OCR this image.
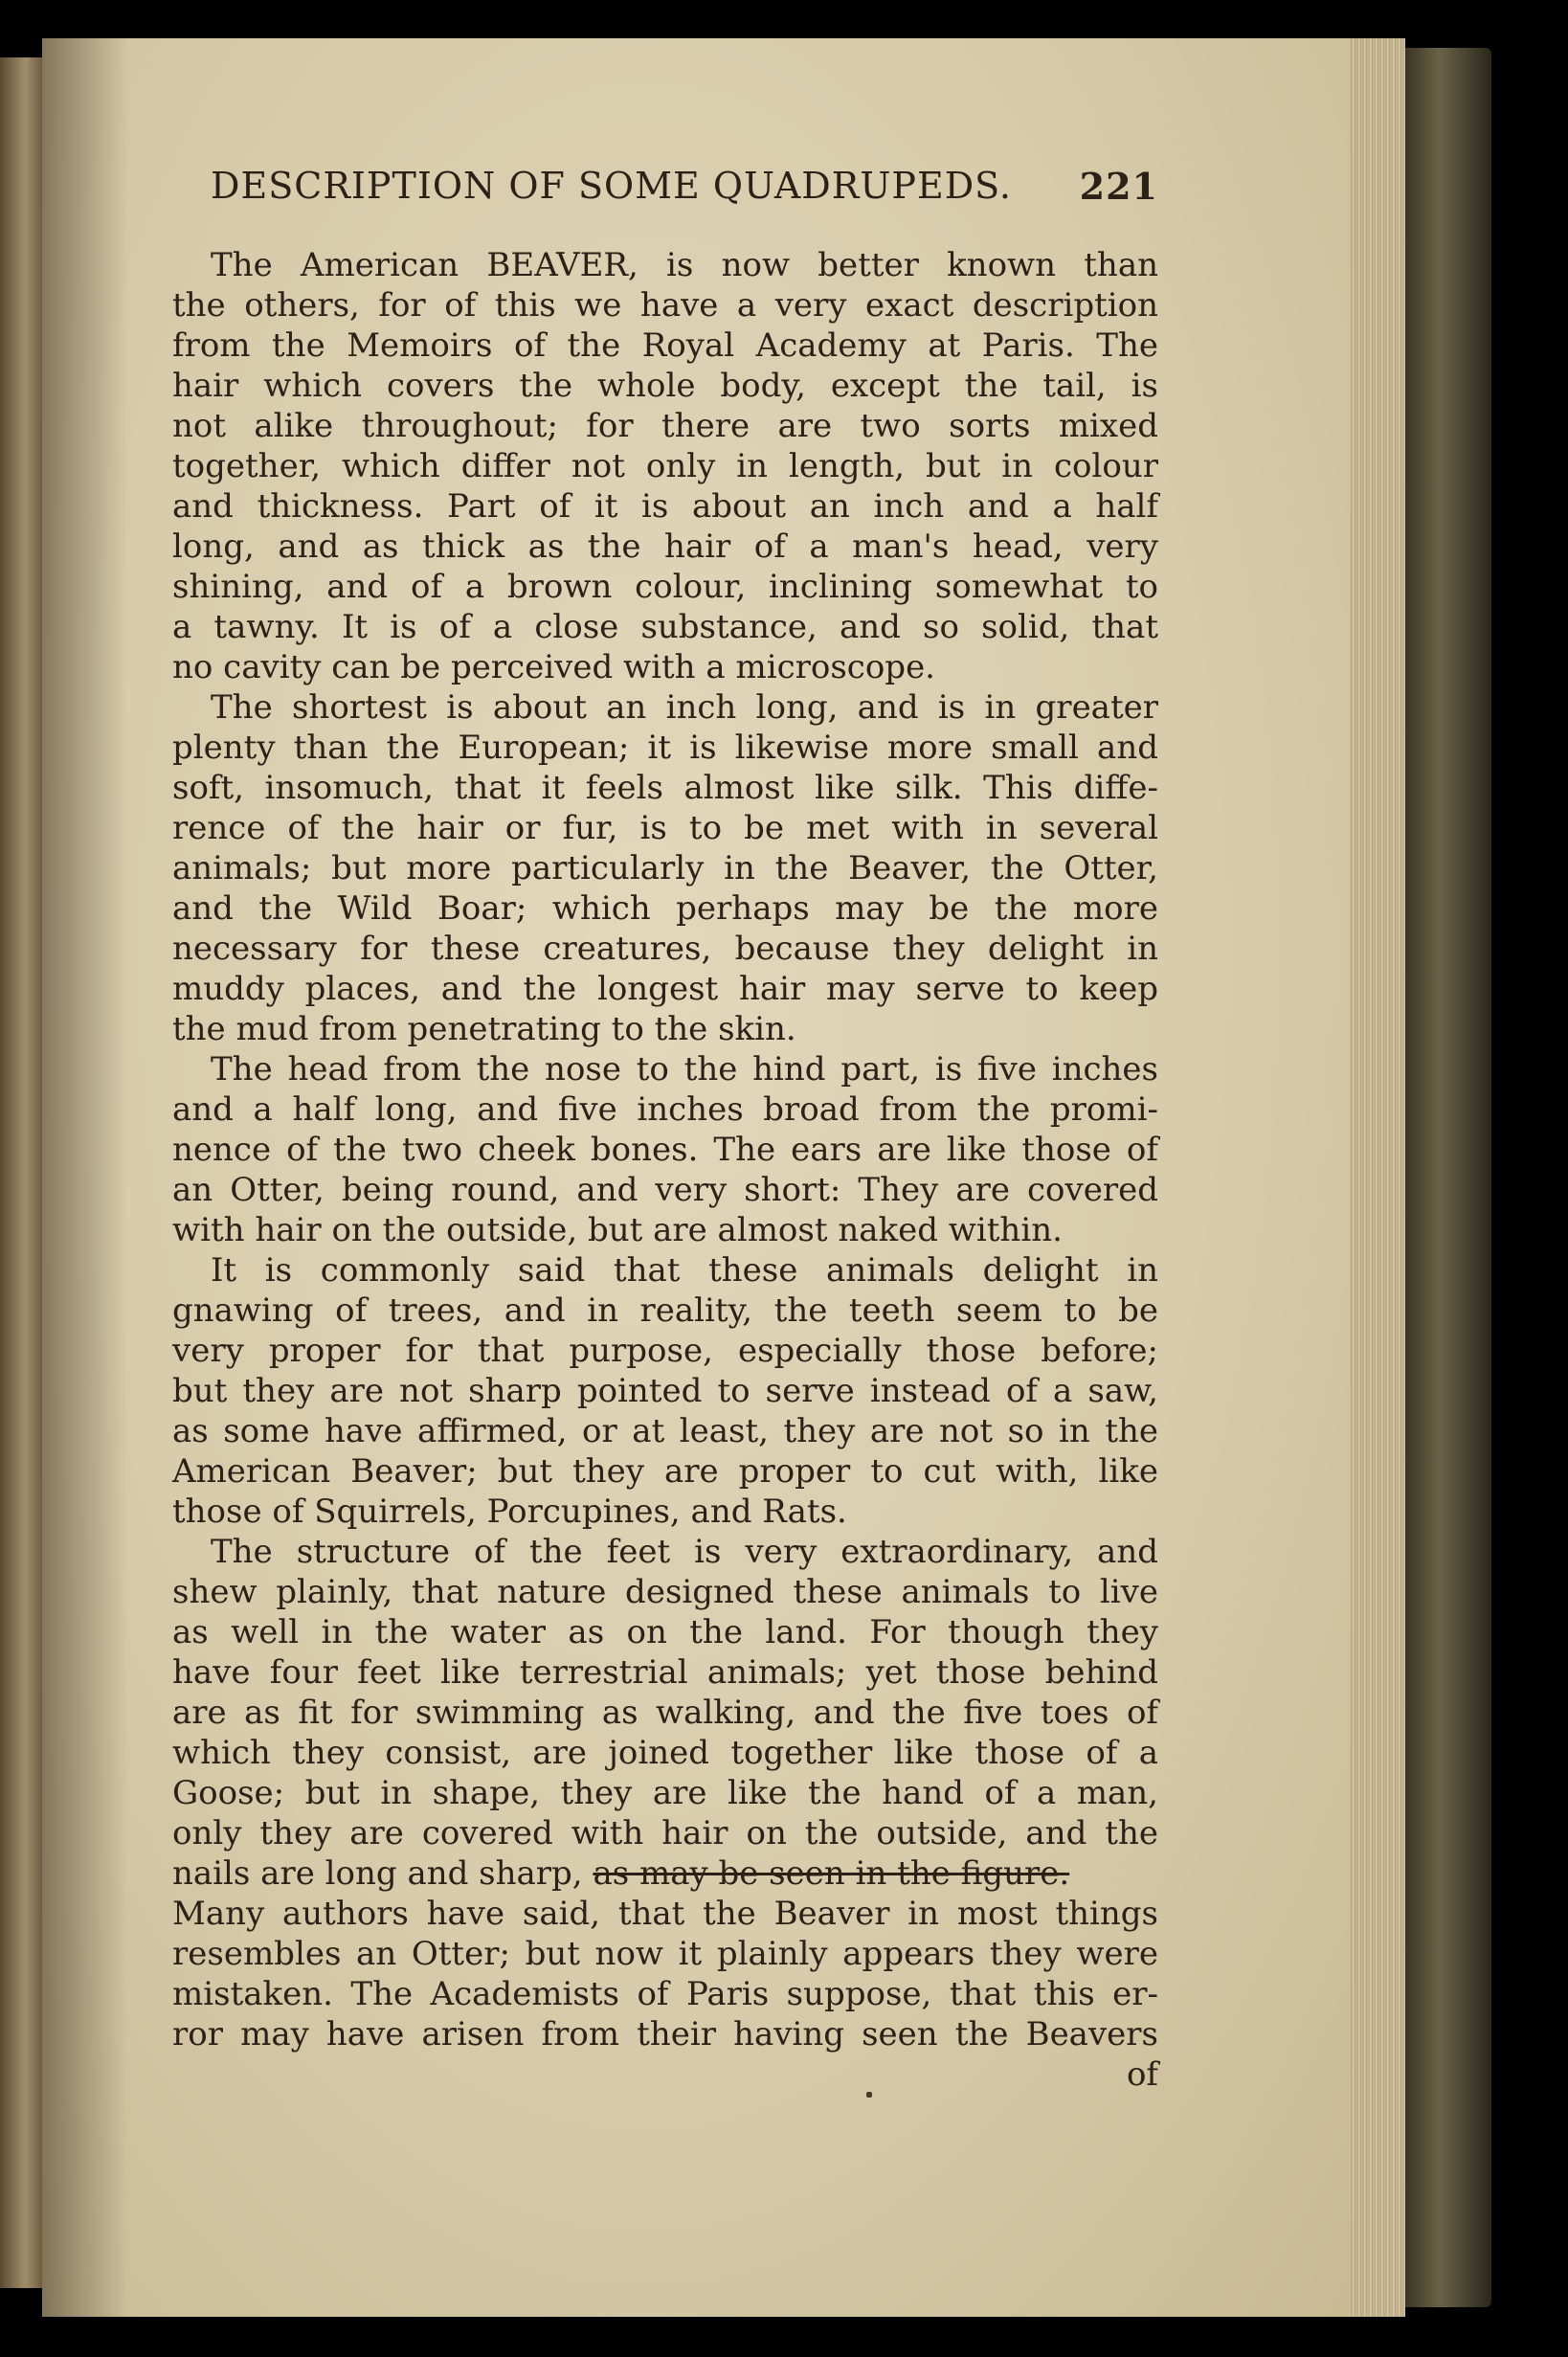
DESCRIPTION OF SOME QUADRUPEDS. 221
The American BEAVER, is now better known than
the others, for of this we have a very exact description
from the Memoirs of the Royal Academy at Paris. The
hair which covers the whole body, except the tail, is
not alike throughout; for there are two sorts mixed
together, which differ not only in length, but in colour
and thickness. Part of it is about an inch and a half
long, and as thick as the hair of a man's head, very
shining, and of a brown colour, inclining somewhat to
a tawny. It is of a close substance, and so solid, that
no cavity can be perceived with a microscope.
The shortest is about an inch long, and is in greater
plenty than the European; it is likewise more small and
soft, insomuch, that it feels almost like silk. This diffe-
rence of the hair or fur, is to be met with in several
animals; but more particularly in the Beaver, the Otter,
and the Wild Boar; which perhaps may be the more
necessary for these creatures, because they delight in
muddy places, and the longest hair may serve to keep
the mud from penetrating to the skin.
The head from the nose to the hind part, is five inches
and a half long, and five inches broad from the promi-
nence of the two cheek bones. The ears are like those of
an Otter, being round, and very short: They are covered
with hair on the outside, but are almost naked within.
It is commonly said that these animals delight in
gnawing of trees, and in reality, the teeth seem to be
very proper for that purpose, especially those before;
but they are not sharp pointed to serve instead of a saw,
as some have affirmed, or at least, they are not so in the
American Beaver; but they are proper to cut with, like
those of Squirrels, Porcupines, and Rats.
The structure of the feet is very extraordinary, and
shew plainly, that nature designed these animals to live
as well in the water as on the land. For though they
have four feet like terrestrial animals; yet those behind
are as fit for swimming as walking, and the five toes of
which they consist, are joined together like those of a
Goose; but in shape, they are like the hand of a man,
only they are covered with hair on the outside, and the
nails are long and sharp, as may be seen in the figure.
Many authors have said, that the Beaver in most things
resembles an Otter; but now it plainly appears they were
mistaken. The Academists of Paris suppose, that this er-
ror may have arisen from their having seen the Beavers
of
